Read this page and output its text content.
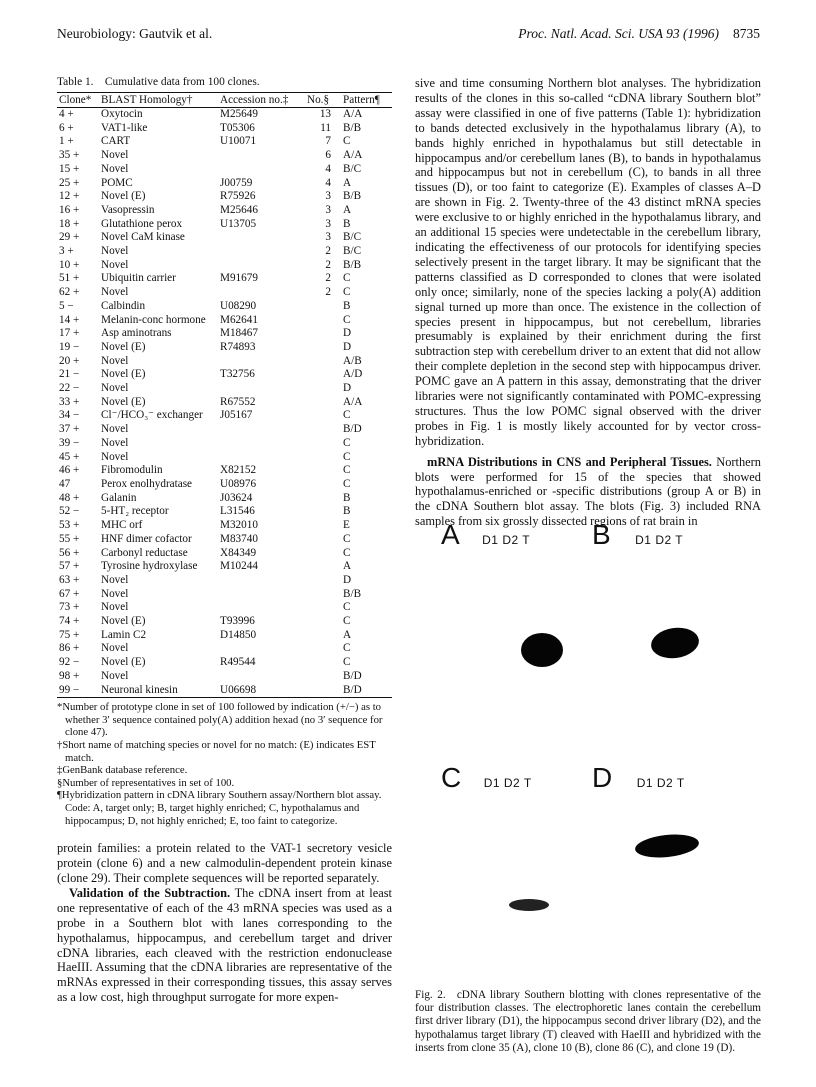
Neurobiology: Gautvik et al.	Proc. Natl. Acad. Sci. USA 93 (1996) 8735
Table 1. Cumulative data from 100 clones.
Clone*	BLAST Homology†	Accession no.‡	No.§	Pattern¶
4 +	Oxytocin	M25649	13	A/A
6 +	VAT1-like	T05306	11	B/B
1 +	CART	U10071	7	C
35 +	Novel		6	A/A
15 +	Novel		4	B/C
25 +	POMC	J00759	4	A
12 +	Novel (E)	R75926	3	B/B
16 +	Vasopressin	M25646	3	A
18 +	Glutathione perox	U13705	3	B
29 +	Novel CaM kinase		3	B/C
3 +	Novel		2	B/C
10 +	Novel		2	B/B
51 +	Ubiquitin carrier	M91679	2	C
62 +	Novel		2	C
5 −	Calbindin	U08290		B
14 +	Melanin-conc hormone	M62641		C
17 +	Asp aminotrans	M18467		D
19 −	Novel (E)	R74893		D
20 +	Novel			A/B
21 −	Novel (E)	T32756		A/D
22 −	Novel			D
33 +	Novel (E)	R67552		A/A
34 −	Cl⁻/HCO₃⁻ exchanger	J05167		C
37 +	Novel			B/D
39 −	Novel			C
45 +	Novel			C
46 +	Fibromodulin	X82152		C
47	Perox enolhydratase	U08976		C
48 +	Galanin	J03624		B
52 −	5-HT₂ receptor	L31546		B
53 +	MHC orf	M32010		E
55 +	HNF dimer cofactor	M83740		C
56 +	Carbonyl reductase	X84349		C
57 +	Tyrosine hydroxylase	M10244		A
63 +	Novel			D
67 +	Novel			B/B
73 +	Novel			C
74 +	Novel (E)	T93996		C
75 +	Lamin C2	D14850		A
86 +	Novel			C
92 −	Novel (E)	R49544		C
98 +	Novel			B/D
99 −	Neuronal kinesin	U06698		B/D

*Number of prototype clone in set of 100 followed by indication (+/−) as to whether 3′ sequence contained poly(A) addition hexad (no 3′ sequence for clone 47).

†Short name of matching species or novel for no match: (E) indicates EST match.

‡GenBank database reference.

§Number of representatives in set of 100.

¶Hybridization pattern in cDNA library Southern assay/Northern blot assay. Code: A, target only; B, target highly enriched; C, hypothalamus and hippocampus; D, not highly enriched; E, too faint to categorize.

protein families: a protein related to the VAT-1 secretory vesicle protein (clone 6) and a new calmodulin-dependent protein kinase (clone 29). Their complete sequences will be reported separately.

Validation of the Subtraction. The cDNA insert from at least one representative of each of the 43 mRNA species was used as a probe in a Southern blot with lanes corresponding to the hypothalamus, hippocampus, and cerebellum target and driver cDNA libraries, each cleaved with the restriction endonuclease HaeIII. Assuming that the cDNA libraries are representative of the mRNAs expressed in their corresponding tissues, this assay serves as a low cost, high throughput surrogate for more expen-

sive and time consuming Northern blot analyses. The hybridization results of the clones in this so-called “cDNA library Southern blot” assay were classified in one of five patterns (Table 1): hybridization to bands detected exclusively in the hypothalamus library (A), to bands highly enriched in hypothalamus but still detectable in hippocampus and/or cerebellum lanes (B), to bands in hypothalamus and hippocampus but not in cerebellum (C), to bands in all three tissues (D), or too faint to categorize (E). Examples of classes A–D are shown in Fig. 2. Twenty-three of the 43 distinct mRNA species were exclusive to or highly enriched in the hypothalamus library, and an additional 15 species were undetectable in the cerebellum library, indicating the effectiveness of our protocols for identifying species selectively present in the target library. It may be significant that the patterns classified as D corresponded to clones that were isolated only once; similarly, none of the species lacking a poly(A) addition signal turned up more than once. The existence in the collection of species present in hippocampus, but not cerebellum, libraries presumably is explained by their enrichment during the first subtraction step with cerebellum driver to an extent that did not allow their complete depletion in the second step with hippocampus driver. POMC gave an A pattern in this assay, demonstrating that the driver libraries were not significantly contaminated with POMC-expressing structures. Thus the low POMC signal observed with the driver probes in Fig. 1 is mostly likely accounted for by vector cross-hybridization.

mRNA Distributions in CNS and Peripheral Tissues. Northern blots were performed for 15 of the species that showed hypothalamus-enriched or -specific distributions (group A or B) in the cDNA Southern blot assay. The blots (Fig. 3) included RNA samples from six grossly dissected regions of rat brain in

A D1 D2 T B D1 D2 T
C D1 D2 T D D1 D2 T
Fig. 2. cDNA library Southern blotting with clones representative of the four distribution classes. The electrophoretic lanes contain the cerebellum first driver library (D1), the hippocampus second driver library (D2), and the hypothalamus target library (T) cleaved with HaeIII and hybridized with the inserts from clone 35 (A), clone 10 (B), clone 86 (C), and clone 19 (D).
